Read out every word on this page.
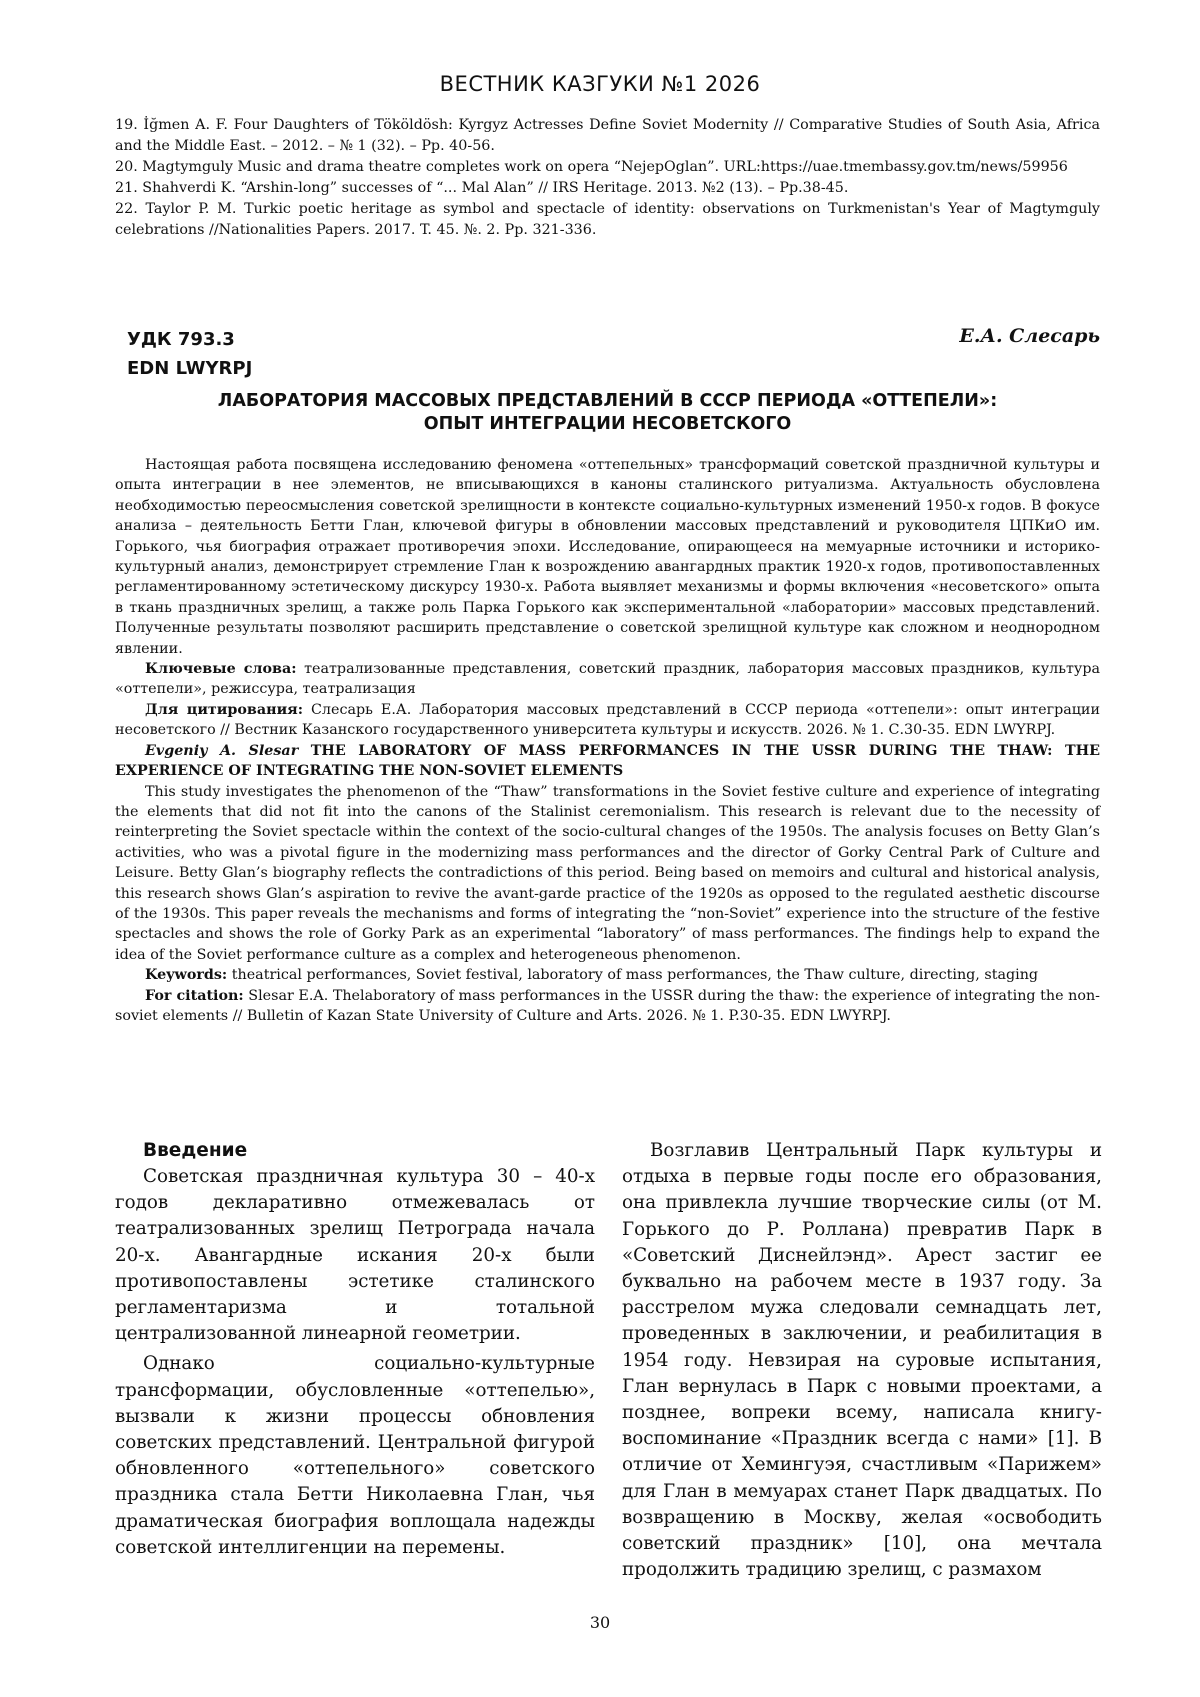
ВЕСТНИК КАЗГУКИ №1 2026

19. İğmen A. F. Four Daughters of Tököldösh: Kyrgyz Actresses Define Soviet Modernity // Comparative Studies of South Asia, Africa and the Middle East. – 2012. – № 1 (32). – Pp. 40-56.

20. Magtymguly Music and drama theatre completes work on opera “NejepOglan”. URL:https://uae.tmembassy.gov.tm/news/59956

21. Shahverdi K. “Arshin-long” successes of “... Mal Alan” // IRS Heritage. 2013. №2 (13). – Pp.38-45.

22. Taylor P. M. Turkic poetic heritage as symbol and spectacle of identity: observations on Turkmenistan's Year of Magtymguly celebrations //Nationalities Papers. 2017. T. 45. №. 2. Pp. 321-336.

УДК 793.3
EDN LWYRPJ
Е.А. Слесарь
ЛАБОРАТОРИЯ МАССОВЫХ ПРЕДСТАВЛЕНИЙ В СССР ПЕРИОДА «ОТТЕПЕЛИ»:
ОПЫТ ИНТЕГРАЦИИ НЕСОВЕТСКОГО

Настоящая работа посвящена исследованию феномена «оттепельных» трансформаций советской праздничной культуры и опыта интеграции в нее элементов, не вписывающихся в каноны сталинского ритуализма. Актуальность обусловлена необходимостью переосмысления советской зрелищности в контексте социально-культурных изменений 1950-х годов. В фокусе анализа – деятельность Бетти Глан, ключевой фигуры в обновлении массовых представлений и руководителя ЦПКиО им. Горького, чья биография отражает противоречия эпохи. Исследование, опирающееся на мемуарные источники и историко-культурный анализ, демонстрирует стремление Глан к возрождению авангардных практик 1920-х годов, противопоставленных регламентированному эстетическому дискурсу 1930-х. Работа выявляет механизмы и формы включения «несоветского» опыта в ткань праздничных зрелищ, а также роль Парка Горького как экспериментальной «лаборатории» массовых представлений. Полученные результаты позволяют расширить представление о советской зрелищной культуре как сложном и неоднородном явлении.

Ключевые слова: театрализованные представления, советский праздник, лаборатория массовых праздников, культура «оттепели», режиссура, театрализация

Для цитирования: Слесарь Е.А. Лаборатория массовых представлений в СССР периода «оттепели»: опыт интеграции несоветского // Вестник Казанского государственного университета культуры и искусств. 2026. № 1. С.30-35. EDN LWYRPJ.

Evgeniy A. Slesar THE LABORATORY OF MASS PERFORMANCES IN THE USSR DURING THE THAW: THE EXPERIENCE OF INTEGRATING THE NON-SOVIET ELEMENTS

This study investigates the phenomenon of the “Thaw” transformations in the Soviet festive culture and experience of integrating the elements that did not fit into the canons of the Stalinist ceremonialism. This research is relevant due to the necessity of reinterpreting the Soviet spectacle within the context of the socio-cultural changes of the 1950s. The analysis focuses on Betty Glan’s activities, who was a pivotal figure in the modernizing mass performances and the director of Gorky Central Park of Culture and Leisure. Betty Glan’s biography reflects the contradictions of this period. Being based on memoirs and cultural and historical analysis, this research shows Glan’s aspiration to revive the avant-garde practice of the 1920s as opposed to the regulated aesthetic discourse of the 1930s. This paper reveals the mechanisms and forms of integrating the “non-Soviet” experience into the structure of the festive spectacles and shows the role of Gorky Park as an experimental “laboratory” of mass performances. The findings help to expand the idea of the Soviet performance culture as a complex and heterogeneous phenomenon.

Keywords: theatrical performances, Soviet festival, laboratory of mass performances, the Thaw culture, directing, staging

For citation: Slesar E.A. Thelaboratory of mass performances in the USSR during the thaw: the experience of integrating the non-soviet elements // Bulletin of Kazan State University of Culture and Arts. 2026. № 1. P.30-35. EDN LWYRPJ.

Введение

Советская праздничная культура 30 – 40-х годов декларативно отмежевалась от театрализованных зрелищ Петрограда начала 20-х. Авангардные искания 20-х были противопоставлены эстетике сталинского регламентаризма и тотальной централизованной линеарной геометрии.

Однако социально-культурные трансформации, обусловленные «оттепелью», вызвали к жизни процессы обновления советских представлений. Центральной фигурой обновленного «оттепельного» советского праздника стала Бетти Николаевна Глан, чья драматическая биография воплощала надежды советской интеллигенции на перемены.

Возглавив Центральный Парк культуры и отдыха в первые годы после его образования, она привлекла лучшие творческие силы (от М. Горького до Р. Роллана) превратив Парк в «Советский Диснейлэнд». Арест застиг ее буквально на рабочем месте в 1937 году. За расстрелом мужа следовали семнадцать лет, проведенных в заключении, и реабилитация в 1954 году. Невзирая на суровые испытания, Глан вернулась в Парк с новыми проектами, а позднее, вопреки всему, написала книгу-воспоминание «Праздник всегда с нами» [1]. В отличие от Хемингуэя, счастливым «Парижем» для Глан в мемуарах станет Парк двадцатых. По возвращению в Москву, желая «освободить советский праздник» [10], она мечтала продолжить традицию зрелищ, с размахом

30
